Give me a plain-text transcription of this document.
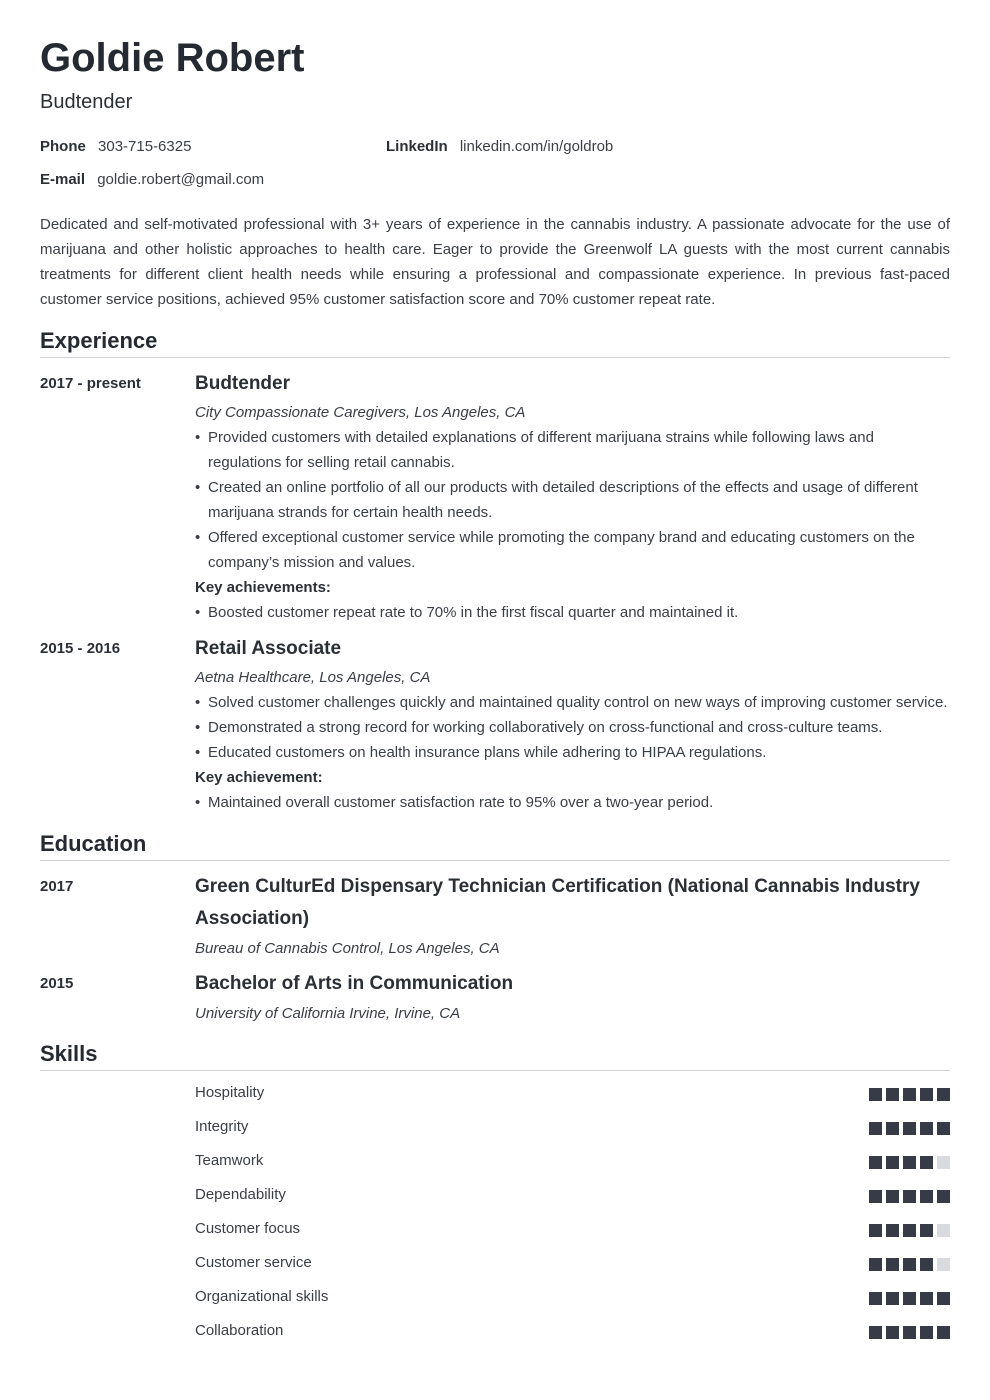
Goldie Robert
Budtender
Phone 303-715-6325	LinkedIn linkedin.com/in/goldrob
E-mail goldie.robert@gmail.com
Dedicated and self-motivated professional with 3+ years of experience in the cannabis industry. A passionate advocate for the use of marijuana and other holistic approaches to health care. Eager to provide the Greenwolf LA guests with the most current cannabis treatments for different client health needs while ensuring a professional and compassionate experience. In previous fast-paced customer service positions, achieved 95% customer satisfaction score and 70% customer repeat rate.
Experience
2017 - present	Budtender
City Compassionate Caregivers, Los Angeles, CA
• Provided customers with detailed explanations of different marijuana strains while following laws and regulations for selling retail cannabis.
• Created an online portfolio of all our products with detailed descriptions of the effects and usage of different marijuana strands for certain health needs.
• Offered exceptional customer service while promoting the company brand and educating customers on the company’s mission and values.
Key achievements:
• Boosted customer repeat rate to 70% in the first fiscal quarter and maintained it.
2015 - 2016	Retail Associate
Aetna Healthcare, Los Angeles, CA
• Solved customer challenges quickly and maintained quality control on new ways of improving customer service.
• Demonstrated a strong record for working collaboratively on cross-functional and cross-culture teams.
• Educated customers on health insurance plans while adhering to HIPAA regulations.
Key achievement:
• Maintained overall customer satisfaction rate to 95% over a two-year period.
Education
2017	Green CulturEd Dispensary Technician Certification (National Cannabis Industry Association)
Bureau of Cannabis Control, Los Angeles, CA
2015	Bachelor of Arts in Communication
University of California Irvine, Irvine, CA
Skills
Hospitality
Integrity
Teamwork
Dependability
Customer focus
Customer service
Organizational skills
Collaboration
